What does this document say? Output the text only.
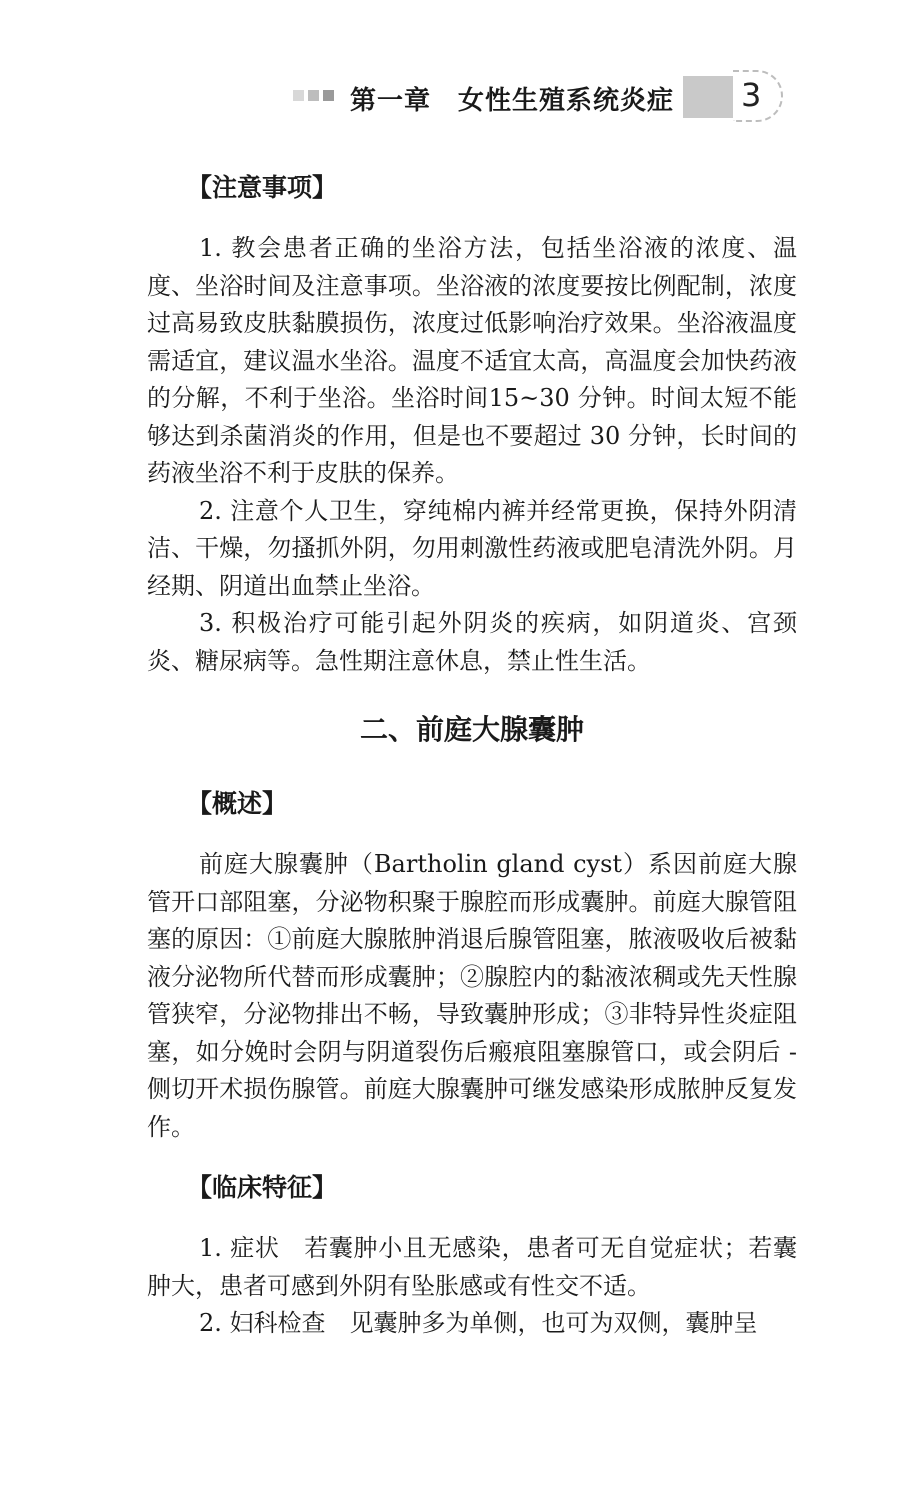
第一章　女性生殖系统炎症 3
【注意事项】

1. 教会患者正确的坐浴方法，包括坐浴液的浓度、温度、坐浴时间及注意事项。坐浴液的浓度要按比例配制，浓度过高易致皮肤黏膜损伤，浓度过低影响治疗效果。坐浴液温度需适宜，建议温水坐浴。温度不适宜太高，高温度会加快药液的分解，不利于坐浴。坐浴时间15~30 分钟。时间太短不能够达到杀菌消炎的作用，但是也不要超过 30 分钟，长时间的药液坐浴不利于皮肤的保养。

2. 注意个人卫生，穿纯棉内裤并经常更换，保持外阴清洁、干燥，勿搔抓外阴，勿用刺激性药液或肥皂清洗外阴。月经期、阴道出血禁止坐浴。

3. 积极治疗可能引起外阴炎的疾病，如阴道炎、宫颈炎、糖尿病等。急性期注意休息，禁止性生活。

二、前庭大腺囊肿
【概述】

前庭大腺囊肿（Bartholin gland cyst）系因前庭大腺管开口部阻塞，分泌物积聚于腺腔而形成囊肿。前庭大腺管阻塞的原因：①前庭大腺脓肿消退后腺管阻塞，脓液吸收后被黏液分泌物所代替而形成囊肿；②腺腔内的黏液浓稠或先天性腺管狭窄，分泌物排出不畅，导致囊肿形成；③非特异性炎症阻塞，如分娩时会阴与阴道裂伤后瘢痕阻塞腺管口，或会阴后 - 侧切开术损伤腺管。前庭大腺囊肿可继发感染形成脓肿反复发作。

【临床特征】

1. 症状　若囊肿小且无感染，患者可无自觉症状；若囊肿大，患者可感到外阴有坠胀感或有性交不适。

2. 妇科检查　见囊肿多为单侧，也可为双侧，囊肿呈
